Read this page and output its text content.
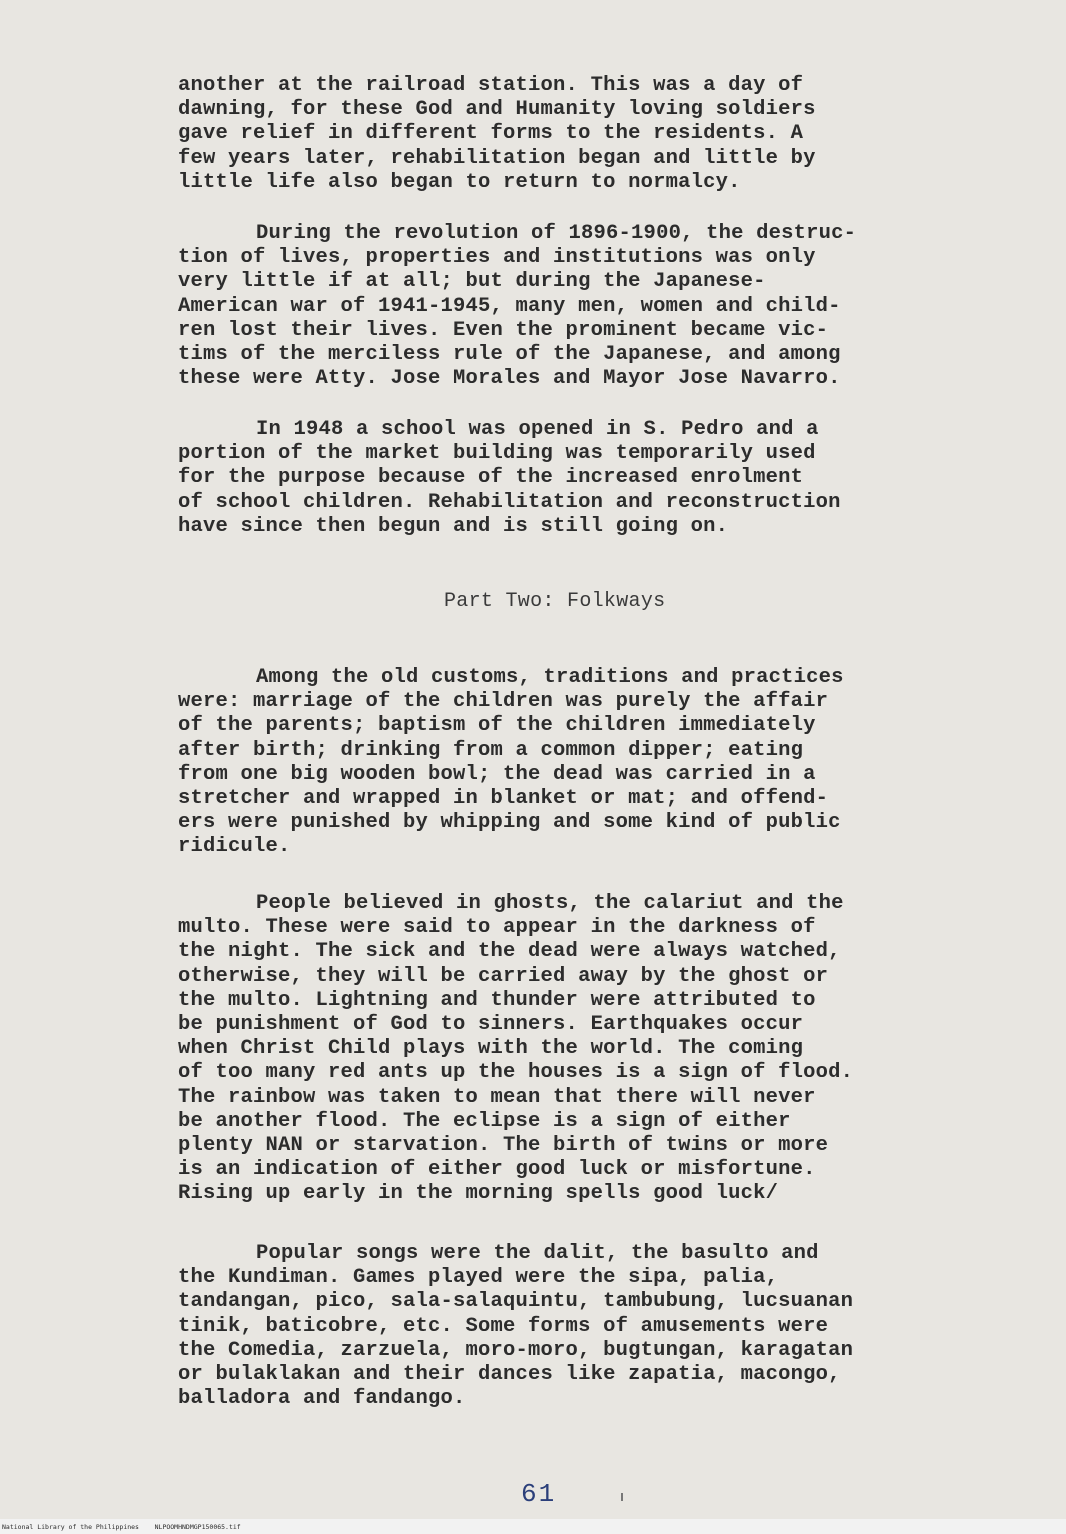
another at the railroad station. This was a day of
dawning, for these God and Humanity loving soldiers
gave relief in different forms to the residents. A
few years later, rehabilitation began and little by
little life also began to return to normalcy.
During the revolution of 1896-1900, the destruc-
tion of lives, properties and institutions was only
very little if at all; but during the Japanese-
American war of 1941-1945, many men, women and child-
ren lost their lives. Even the prominent became vic-
tims of the merciless rule of the Japanese, and among
these were Atty. Jose Morales and Mayor Jose Navarro.
In 1948 a school was opened in S. Pedro and a
portion of the market building was temporarily used
for the purpose because of the increased enrolment
of school children. Rehabilitation and reconstruction
have since then begun and is still going on.
Part Two: Folkways
Among the old customs, traditions and practices
were: marriage of the children was purely the affair
of the parents; baptism of the children immediately
after birth; drinking from a common dipper; eating
from one big wooden bowl; the dead was carried in a
stretcher and wrapped in blanket or mat; and offend-
ers were punished by whipping and some kind of public
ridicule.
People believed in ghosts, the calariut and the
multo. These were said to appear in the darkness of
the night. The sick and the dead were always watched,
otherwise, they will be carried away by the ghost or
the multo. Lightning and thunder were attributed to
be punishment of God to sinners. Earthquakes occur
when Christ Child plays with the world. The coming
of too many red ants up the houses is a sign of flood.
The rainbow was taken to mean that there will never
be another flood. The eclipse is a sign of either
plenty NAN or starvation. The birth of twins or more
is an indication of either good luck or misfortune.
Rising up early in the morning spells good luck/
Popular songs were the dalit, the basulto and
the Kundiman. Games played were the sipa, palia,
tandangan, pico, sala-salaquintu, tambubung, lucsuanan
tinik, baticobre, etc. Some forms of amusements were
the Comedia, zarzuela, moro-moro, bugtungan, karagatan
or bulaklakan and their dances like zapatia, macongo,
balladora and fandango.
61
National Library of the Philippines    NLPOOMHNDMGP150065.tif
